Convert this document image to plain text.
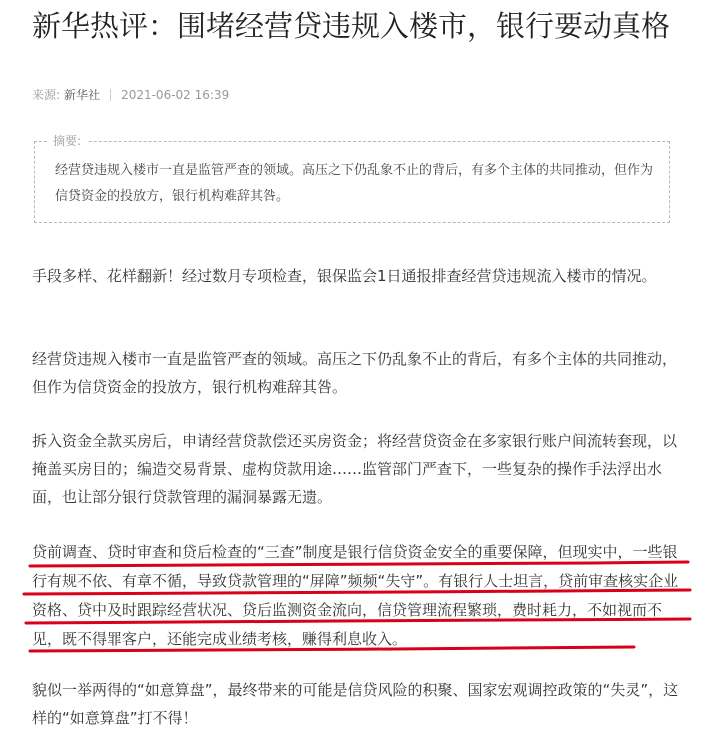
新华热评：围堵经营贷违规入楼市，银行要动真格
来源: 新华社 2021-06-02 16:39
摘要:
经营贷违规入楼市一直是监管严查的领域。高压之下仍乱象不止的背后，有多个主体的共同推动，但作为信贷资金的投放方，银行机构难辞其咎。

手段多样、花样翻新！经过数月专项检查，银保监会1日通报排查经营贷违规流入楼市的情况。

经营贷违规入楼市一直是监管严查的领域。高压之下仍乱象不止的背后，有多个主体的共同推动，但作为信贷资金的投放方，银行机构难辞其咎。

拆入资金全款买房后，申请经营贷款偿还买房资金；将经营贷资金在多家银行账户间流转套现，以掩盖买房目的；编造交易背景、虚构贷款用途……监管部门严查下，一些复杂的操作手法浮出水面，也让部分银行贷款管理的漏洞暴露无遗。

贷前调查、贷时审查和贷后检查的“三查”制度是银行信贷资金安全的重要保障，但现实中，一些银行有规不依、有章不循，导致贷款管理的“屏障”频频“失守”。有银行人士坦言，贷前审查核实企业资格、贷中及时跟踪经营状况、贷后监测资金流向，信贷管理流程繁琐，费时耗力，不如视而不见，既不得罪客户，还能完成业绩考核，赚得利息收入。

貌似一举两得的“如意算盘”，最终带来的可能是信贷风险的积聚、国家宏观调控政策的“失灵”，这样的“如意算盘”打不得！
